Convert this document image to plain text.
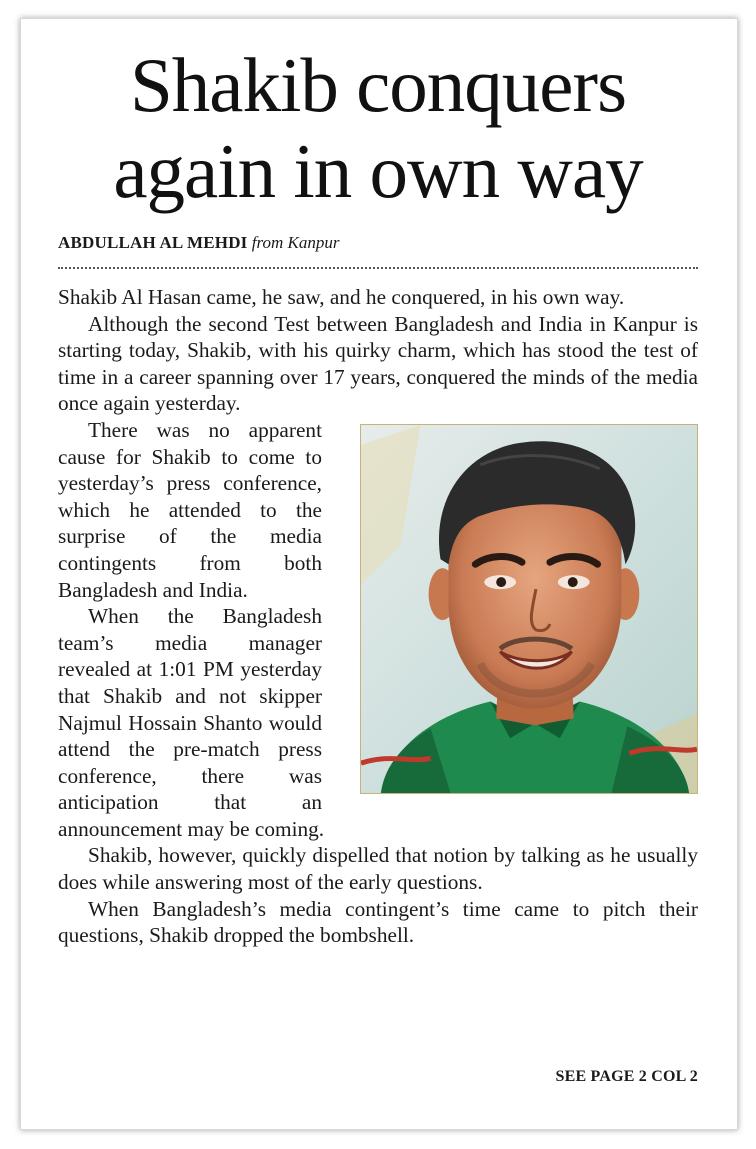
Shakib conquers again in own way
ABDULLAH AL MEHDI from Kanpur

Shakib Al Hasan came, he saw, and he conquered, in his own way.

Although the second Test between Bangladesh and India in Kanpur is starting today, Shakib, with his quirky charm, which has stood the test of time in a career spanning over 17 years, conquered the minds of the media once again yesterday.

There was no apparent cause for Shakib to come to yesterday’s press conference, which he attended to the surprise of the media contingents from both Bangladesh and India.

When the Bangladesh team’s media manager revealed at 1:01 PM yesterday that Shakib and not skipper Najmul Hossain Shanto would attend the pre-match press conference, there was anticipation that an announcement may be coming.

Shakib, however, quickly dispelled that notion by talking as he usually does while answering most of the early questions.

When Bangladesh’s media contingent’s time came to pitch their questions, Shakib dropped the bombshell.

SEE PAGE 2 COL 2
